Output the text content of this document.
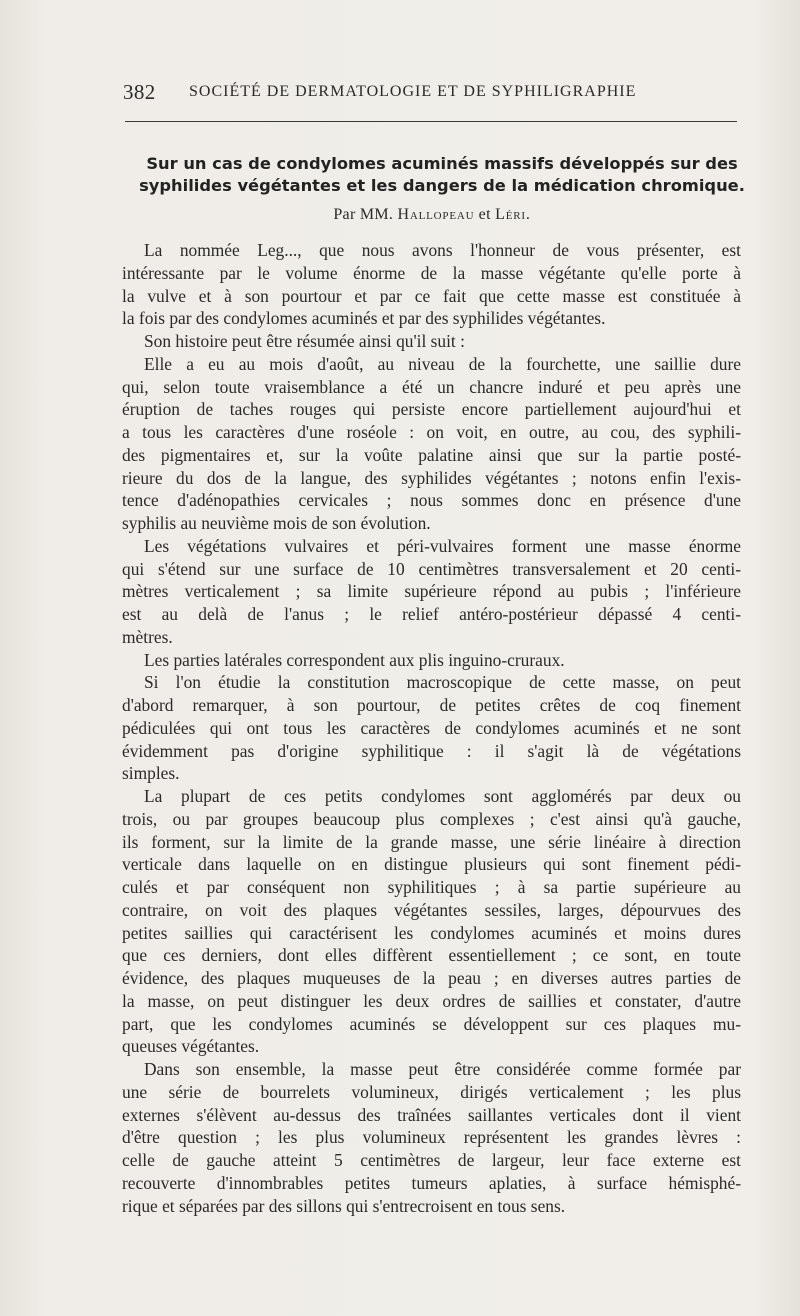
382 SOCIÉTÉ DE DERMATOLOGIE ET DE SYPHILIGRAPHIE
Sur un cas de condylomes acuminés massifs développés sur des
syphilides végétantes et les dangers de la médication chromique.
Par MM. Hallopeau et Léri.
La nommée Leg..., que nous avons l'honneur de vous présenter, est
intéressante par le volume énorme de la masse végétante qu'elle porte à
la vulve et à son pourtour et par ce fait que cette masse est constituée à
la fois par des condylomes acuminés et par des syphilides végétantes.
Son histoire peut être résumée ainsi qu'il suit :
Elle a eu au mois d'août, au niveau de la fourchette, une saillie dure
qui, selon toute vraisemblance a été un chancre induré et peu après une
éruption de taches rouges qui persiste encore partiellement aujourd'hui et
a tous les caractères d'une roséole : on voit, en outre, au cou, des syphili-
des pigmentaires et, sur la voûte palatine ainsi que sur la partie posté-
rieure du dos de la langue, des syphilides végétantes ; notons enfin l'exis-
tence d'adénopathies cervicales ; nous sommes donc en présence d'une
syphilis au neuvième mois de son évolution.
Les végétations vulvaires et péri-vulvaires forment une masse énorme
qui s'étend sur une surface de 10 centimètres transversalement et 20 centi-
mètres verticalement ; sa limite supérieure répond au pubis ; l'inférieure
est au delà de l'anus ; le relief antéro-postérieur dépassé 4 centi-
mètres.
Les parties latérales correspondent aux plis inguino-cruraux.
Si l'on étudie la constitution macroscopique de cette masse, on peut
d'abord remarquer, à son pourtour, de petites crêtes de coq finement
pédiculées qui ont tous les caractères de condylomes acuminés et ne sont
évidemment pas d'origine syphilitique : il s'agit là de végétations
simples.
La plupart de ces petits condylomes sont agglomérés par deux ou
trois, ou par groupes beaucoup plus complexes ; c'est ainsi qu'à gauche,
ils forment, sur la limite de la grande masse, une série linéaire à direction
verticale dans laquelle on en distingue plusieurs qui sont finement pédi-
culés et par conséquent non syphilitiques ; à sa partie supérieure au
contraire, on voit des plaques végétantes sessiles, larges, dépourvues des
petites saillies qui caractérisent les condylomes acuminés et moins dures
que ces derniers, dont elles diffèrent essentiellement ; ce sont, en toute
évidence, des plaques muqueuses de la peau ; en diverses autres parties de
la masse, on peut distinguer les deux ordres de saillies et constater, d'autre
part, que les condylomes acuminés se développent sur ces plaques mu-
queuses végétantes.
Dans son ensemble, la masse peut être considérée comme formée par
une série de bourrelets volumineux, dirigés verticalement ; les plus
externes s'élèvent au-dessus des traînées saillantes verticales dont il vient
d'être question ; les plus volumineux représentent les grandes lèvres :
celle de gauche atteint 5 centimètres de largeur, leur face externe est
recouverte d'innombrables petites tumeurs aplaties, à surface hémisphé-
rique et séparées par des sillons qui s'entrecroisent en tous sens.
